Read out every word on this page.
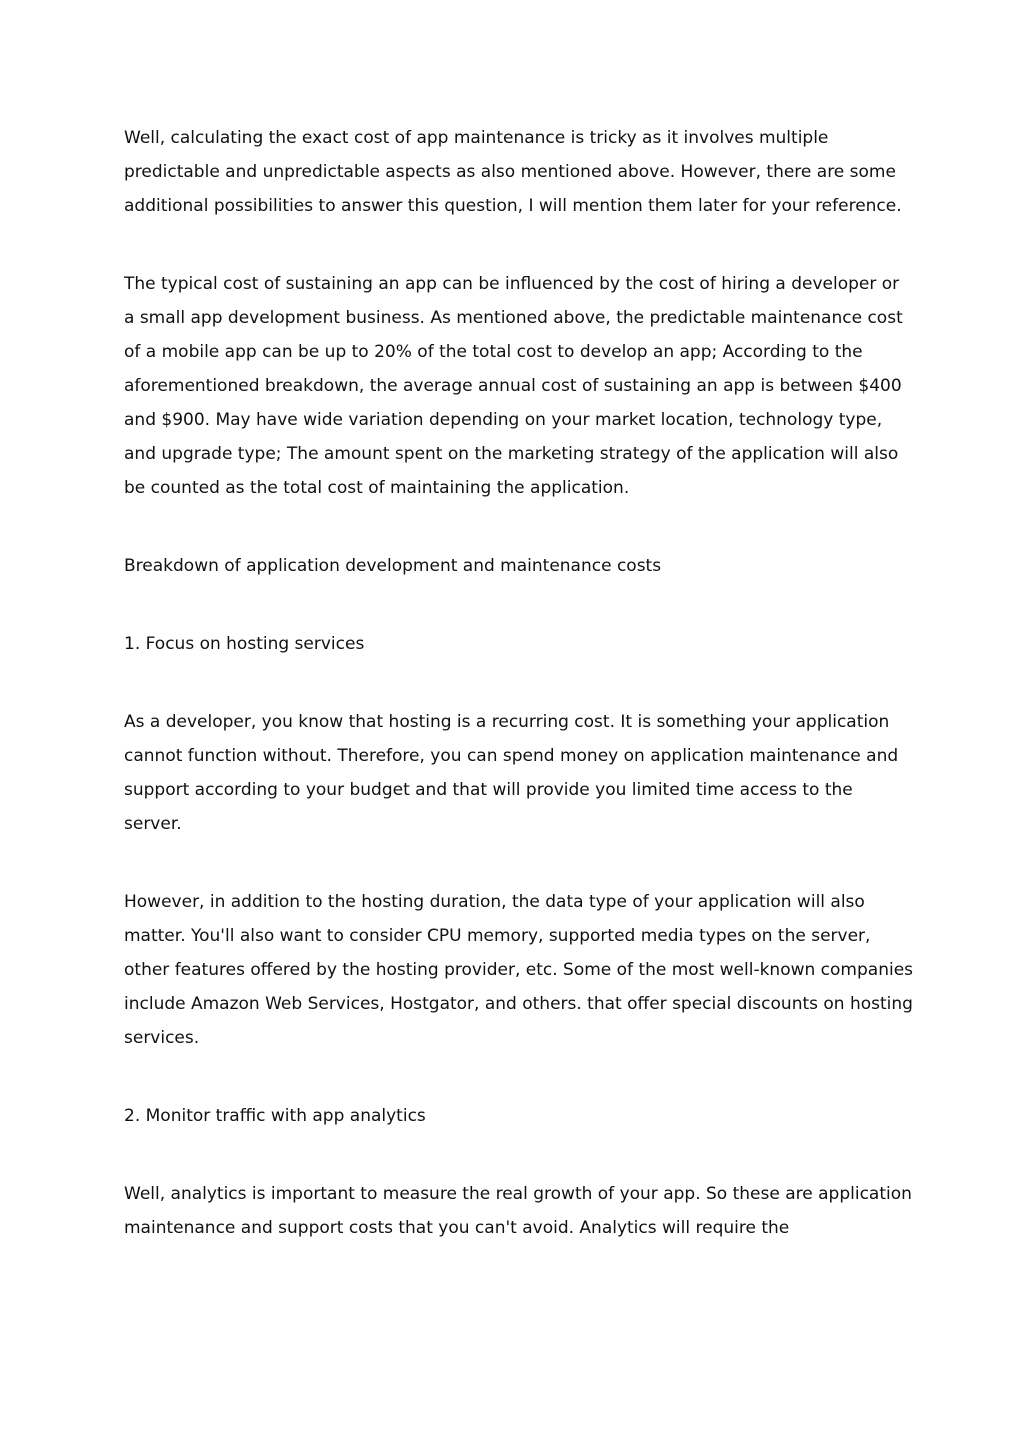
Well, calculating the exact cost of app maintenance is tricky as it involves multiple predictable and unpredictable aspects as also mentioned above. However, there are some additional possibilities to answer this question, I will mention them later for your reference.

The typical cost of sustaining an app can be influenced by the cost of hiring a developer or a small app development business. As mentioned above, the predictable maintenance cost of a mobile app can be up to 20% of the total cost to develop an app; According to the aforementioned breakdown, the average annual cost of sustaining an app is between $400 and $900. May have wide variation depending on your market location, technology type, and upgrade type; The amount spent on the marketing strategy of the application will also be counted as the total cost of maintaining the application.

Breakdown of application development and maintenance costs

1. Focus on hosting services

As a developer, you know that hosting is a recurring cost. It is something your application cannot function without. Therefore, you can spend money on application maintenance and support according to your budget and that will provide you limited time access to the server.

However, in addition to the hosting duration, the data type of your application will also matter. You'll also want to consider CPU memory, supported media types on the server, other features offered by the hosting provider, etc. Some of the most well-known companies include Amazon Web Services, Hostgator, and others. that offer special discounts on hosting services.

2. Monitor traffic with app analytics

Well, analytics is important to measure the real growth of your app. So these are application maintenance and support costs that you can't avoid. Analytics will require the
